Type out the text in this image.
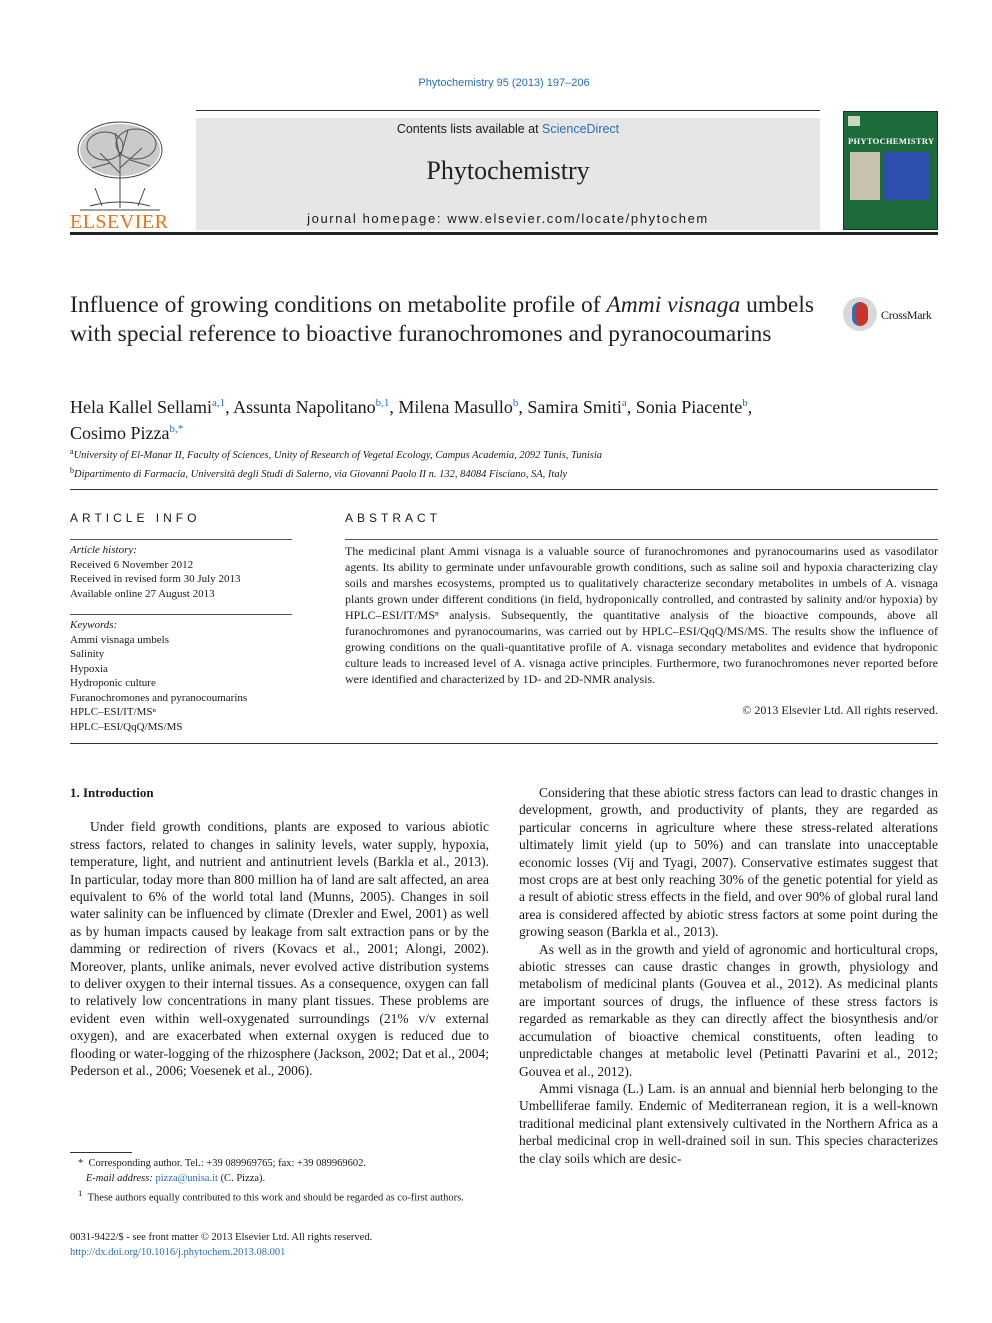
Phytochemistry 95 (2013) 197–206
ELSEVIER
Contents lists available at ScienceDirect
Phytochemistry
journal homepage: www.elsevier.com/locate/phytochem
PHYTOCHEMISTRY
Influence of growing conditions on metabolite profile of Ammi visnaga umbels with special reference to bioactive furanochromones and pyranocoumarins
CrossMark
Hela Kallel Sellami$^{a,1}$, Assunta Napolitano$^{b,1}$, Milena Masullo$^b$, Samira Smiti$^a$, Sonia Piacente$^b$,
Cosimo Pizza$^{b,*}$
$^a$University of El-Manar II, Faculty of Sciences, Unity of Research of Vegetal Ecology, Campus Academia, 2092 Tunis, Tunisia
$^b$Dipartimento di Farmacia, Università degli Studi di Salerno, via Giovanni Paolo II n. 132, 84084 Fisciano, SA, Italy
ARTICLE INFO	ABSTRACT
Article history:
Received 6 November 2012
Received in revised form 30 July 2013
Available online 27 August 2013
Keywords:
Ammi visnaga umbels
Salinity
Hypoxia
Hydroponic culture
Furanochromones and pyranocoumarins
HPLC–ESI/IT/MSⁿ
HPLC–ESI/QqQ/MS/MS

The medicinal plant Ammi visnaga is a valuable source of furanochromones and pyranocoumarins used as vasodilator agents. Its ability to germinate under unfavourable growth conditions, such as saline soil and hypoxia characterizing clay soils and marshes ecosystems, prompted us to qualitatively characterize secondary metabolites in umbels of A. visnaga plants grown under different conditions (in field, hydroponically controlled, and contrasted by salinity and/or hypoxia) by HPLC–ESI/IT/MSⁿ analysis. Subsequently, the quantitative analysis of the bioactive compounds, above all furanochromones and pyranocoumarins, was carried out by HPLC–ESI/QqQ/MS/MS. The results show the influence of growing conditions on the quali-quantitative profile of A. visnaga secondary metabolites and evidence that hydroponic culture leads to increased level of A. visnaga active principles. Furthermore, two furanochromones never reported before were identified and characterized by 1D- and 2D-NMR analysis.

© 2013 Elsevier Ltd. All rights reserved.
1. Introduction

Under field growth conditions, plants are exposed to various abiotic stress factors, related to changes in salinity levels, water supply, hypoxia, temperature, light, and nutrient and antinutrient levels (Barkla et al., 2013). In particular, today more than 800 million ha of land are salt affected, an area equivalent to 6% of the world total land (Munns, 2005). Changes in soil water salinity can be influenced by climate (Drexler and Ewel, 2001) as well as by human impacts caused by leakage from salt extraction pans or by the damming or redirection of rivers (Kovacs et al., 2001; Alongi, 2002). Moreover, plants, unlike animals, never evolved active distribution systems to deliver oxygen to their internal tissues. As a consequence, oxygen can fall to relatively low concentrations in many plant tissues. These problems are evident even within well-oxygenated surroundings (21% v/v external oxygen), and are exacerbated when external oxygen is reduced due to flooding or water-logging of the rhizosphere (Jackson, 2002; Dat et al., 2004; Pederson et al., 2006; Voesenek et al., 2006).

Considering that these abiotic stress factors can lead to drastic changes in development, growth, and productivity of plants, they are regarded as particular concerns in agriculture where these stress-related alterations ultimately limit yield (up to 50%) and can translate into unacceptable economic losses (Vij and Tyagi, 2007). Conservative estimates suggest that most crops are at best only reaching 30% of the genetic potential for yield as a result of abiotic stress effects in the field, and over 90% of global rural land area is considered affected by abiotic stress factors at some point during the growing season (Barkla et al., 2013).

As well as in the growth and yield of agronomic and horticultural crops, abiotic stresses can cause drastic changes in growth, physiology and metabolism of medicinal plants (Gouvea et al., 2012). As medicinal plants are important sources of drugs, the influence of these stress factors is regarded as remarkable as they can directly affect the biosynthesis and/or accumulation of bioactive chemical constituents, often leading to unpredictable changes at metabolic level (Petinatti Pavarini et al., 2012; Gouvea et al., 2012).

Ammi visnaga (L.) Lam. is an annual and biennial herb belonging to the Umbelliferae family. Endemic of Mediterranean region, it is a well-known traditional medicinal plant extensively cultivated in the Northern Africa as a herbal medicinal crop in well-drained soil in sun. This species characterizes the clay soils which are desic-

*  Corresponding author. Tel.: +39 089969765; fax: +39 089969602.
E-mail address: pizza@unisa.it (C. Pizza).
$^1$ These authors equally contributed to this work and should be regarded as co-first authors.
0031-9422/$ - see front matter © 2013 Elsevier Ltd. All rights reserved.
http://dx.doi.org/10.1016/j.phytochem.2013.08.001
